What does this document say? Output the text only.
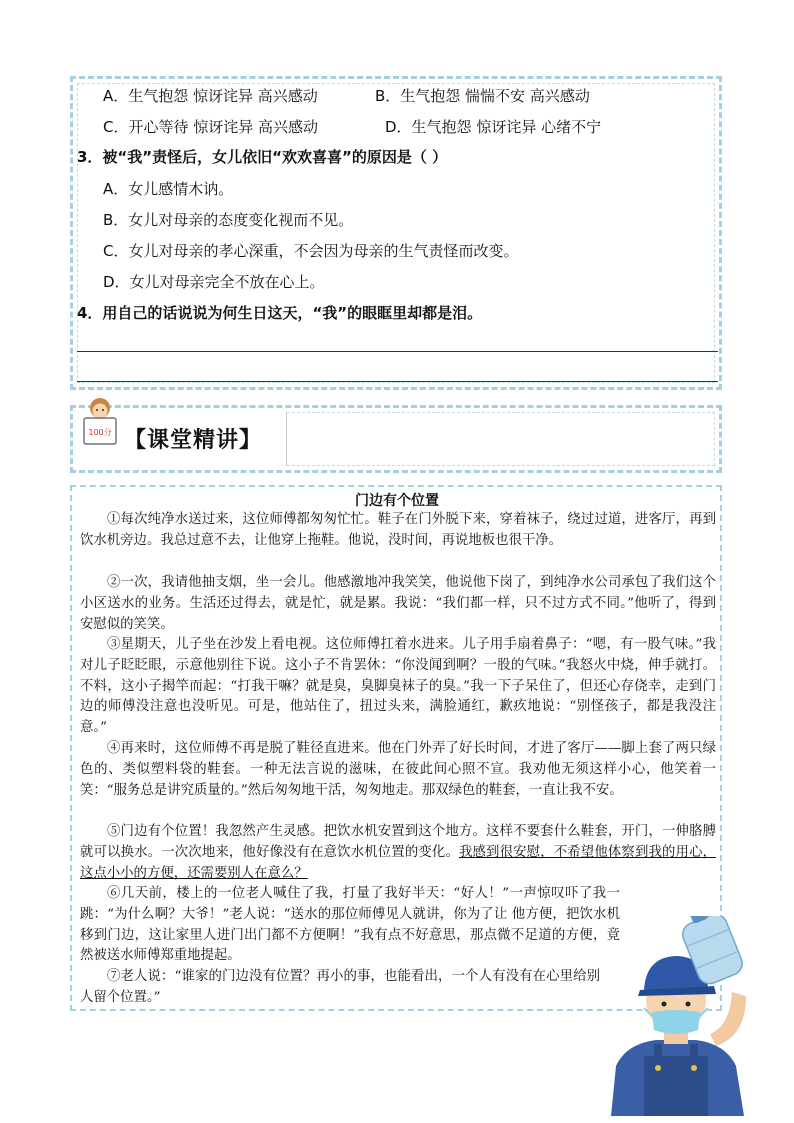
A．生气抱怨 惊讶诧异 高兴感动	B．生气抱怨 惴惴不安 高兴感动
C．开心等待 惊讶诧异 高兴感动	D．生气抱怨 惊讶诧异 心绪不宁
3．被“我”责怪后，女儿依旧“欢欢喜喜”的原因是（ ）
A．女儿感情木讷。
B．女儿对母亲的态度变化视而不见。
C．女儿对母亲的孝心深重，不会因为母亲的生气责怪而改变。
D．女儿对母亲完全不放在心上。
4．用自己的话说说为何生日这天，“我”的眼眶里却都是泪。
100分 【课堂精讲】
门边有个位置
①每次纯净水送过来，这位师傅都匆匆忙忙。鞋子在门外脱下来，穿着袜子，绕过过道，进客厅，再到饮水机旁边。我总过意不去，让他穿上拖鞋。他说，没时间，再说地板也很干净。
②一次，我请他抽支烟，坐一会儿。他感激地冲我笑笑，他说他下岗了，到纯净水公司承包了我们这个小区送水的业务。生活还过得去，就是忙，就是累。我说：“我们都一样，只不过方式不同。”他听了，得到安慰似的笑笑。
③星期天，儿子坐在沙发上看电视。这位师傅扛着水进来。儿子用手扇着鼻子：“嗯，有一股气味。”我对儿子眨眨眼，示意他别往下说。这小子不肯罢休：“你没闻到啊？一股的气味。”我怒火中烧，伸手就打。不料，这小子揭竿而起：“打我干嘛？就是臭，臭脚臭袜子的臭。”我一下子呆住了，但还心存侥幸，走到门边的师傅没注意也没听见。可是，他站住了，扭过头来，满脸通红，歉疚地说：“别怪孩子，都是我没注意。”
④再来时，这位师傅不再是脱了鞋径直进来。他在门外弄了好长时间，才进了客厅——脚上套了两只绿色的、类似塑料袋的鞋套。一种无法言说的滋味，在彼此间心照不宣。我劝他无须这样小心，他笑着一笑：“服务总是讲究质量的。”然后匆匆地干活，匆匆地走。那双绿色的鞋套，一直让我不安。
⑤门边有个位置！我忽然产生灵感。把饮水机安置到这个地方。这样不要套什么鞋套，开门，一伸胳膊就可以换水。一次次地来，他好像没有在意饮水机位置的变化。我感到很安慰，不希望他体察到我的用心，这点小小的方便，还需要别人在意么？
⑥几天前，楼上的一位老人喊住了我，打量了我好半天：“好人！”一声惊叹吓了我一跳：“为什么啊？大爷！”老人说：“送水的那位师傅见人就讲，你为了让 他方便，把饮水机移到门边，这让家里人进门出门都不方便啊！”我有点不好意思，那点微不足道的方便，竟然被送水师傅郑重地提起。
⑦老人说：“谁家的门边没有位置？再小的事，也能看出，一个人有没有在心里给别人留个位置。”
